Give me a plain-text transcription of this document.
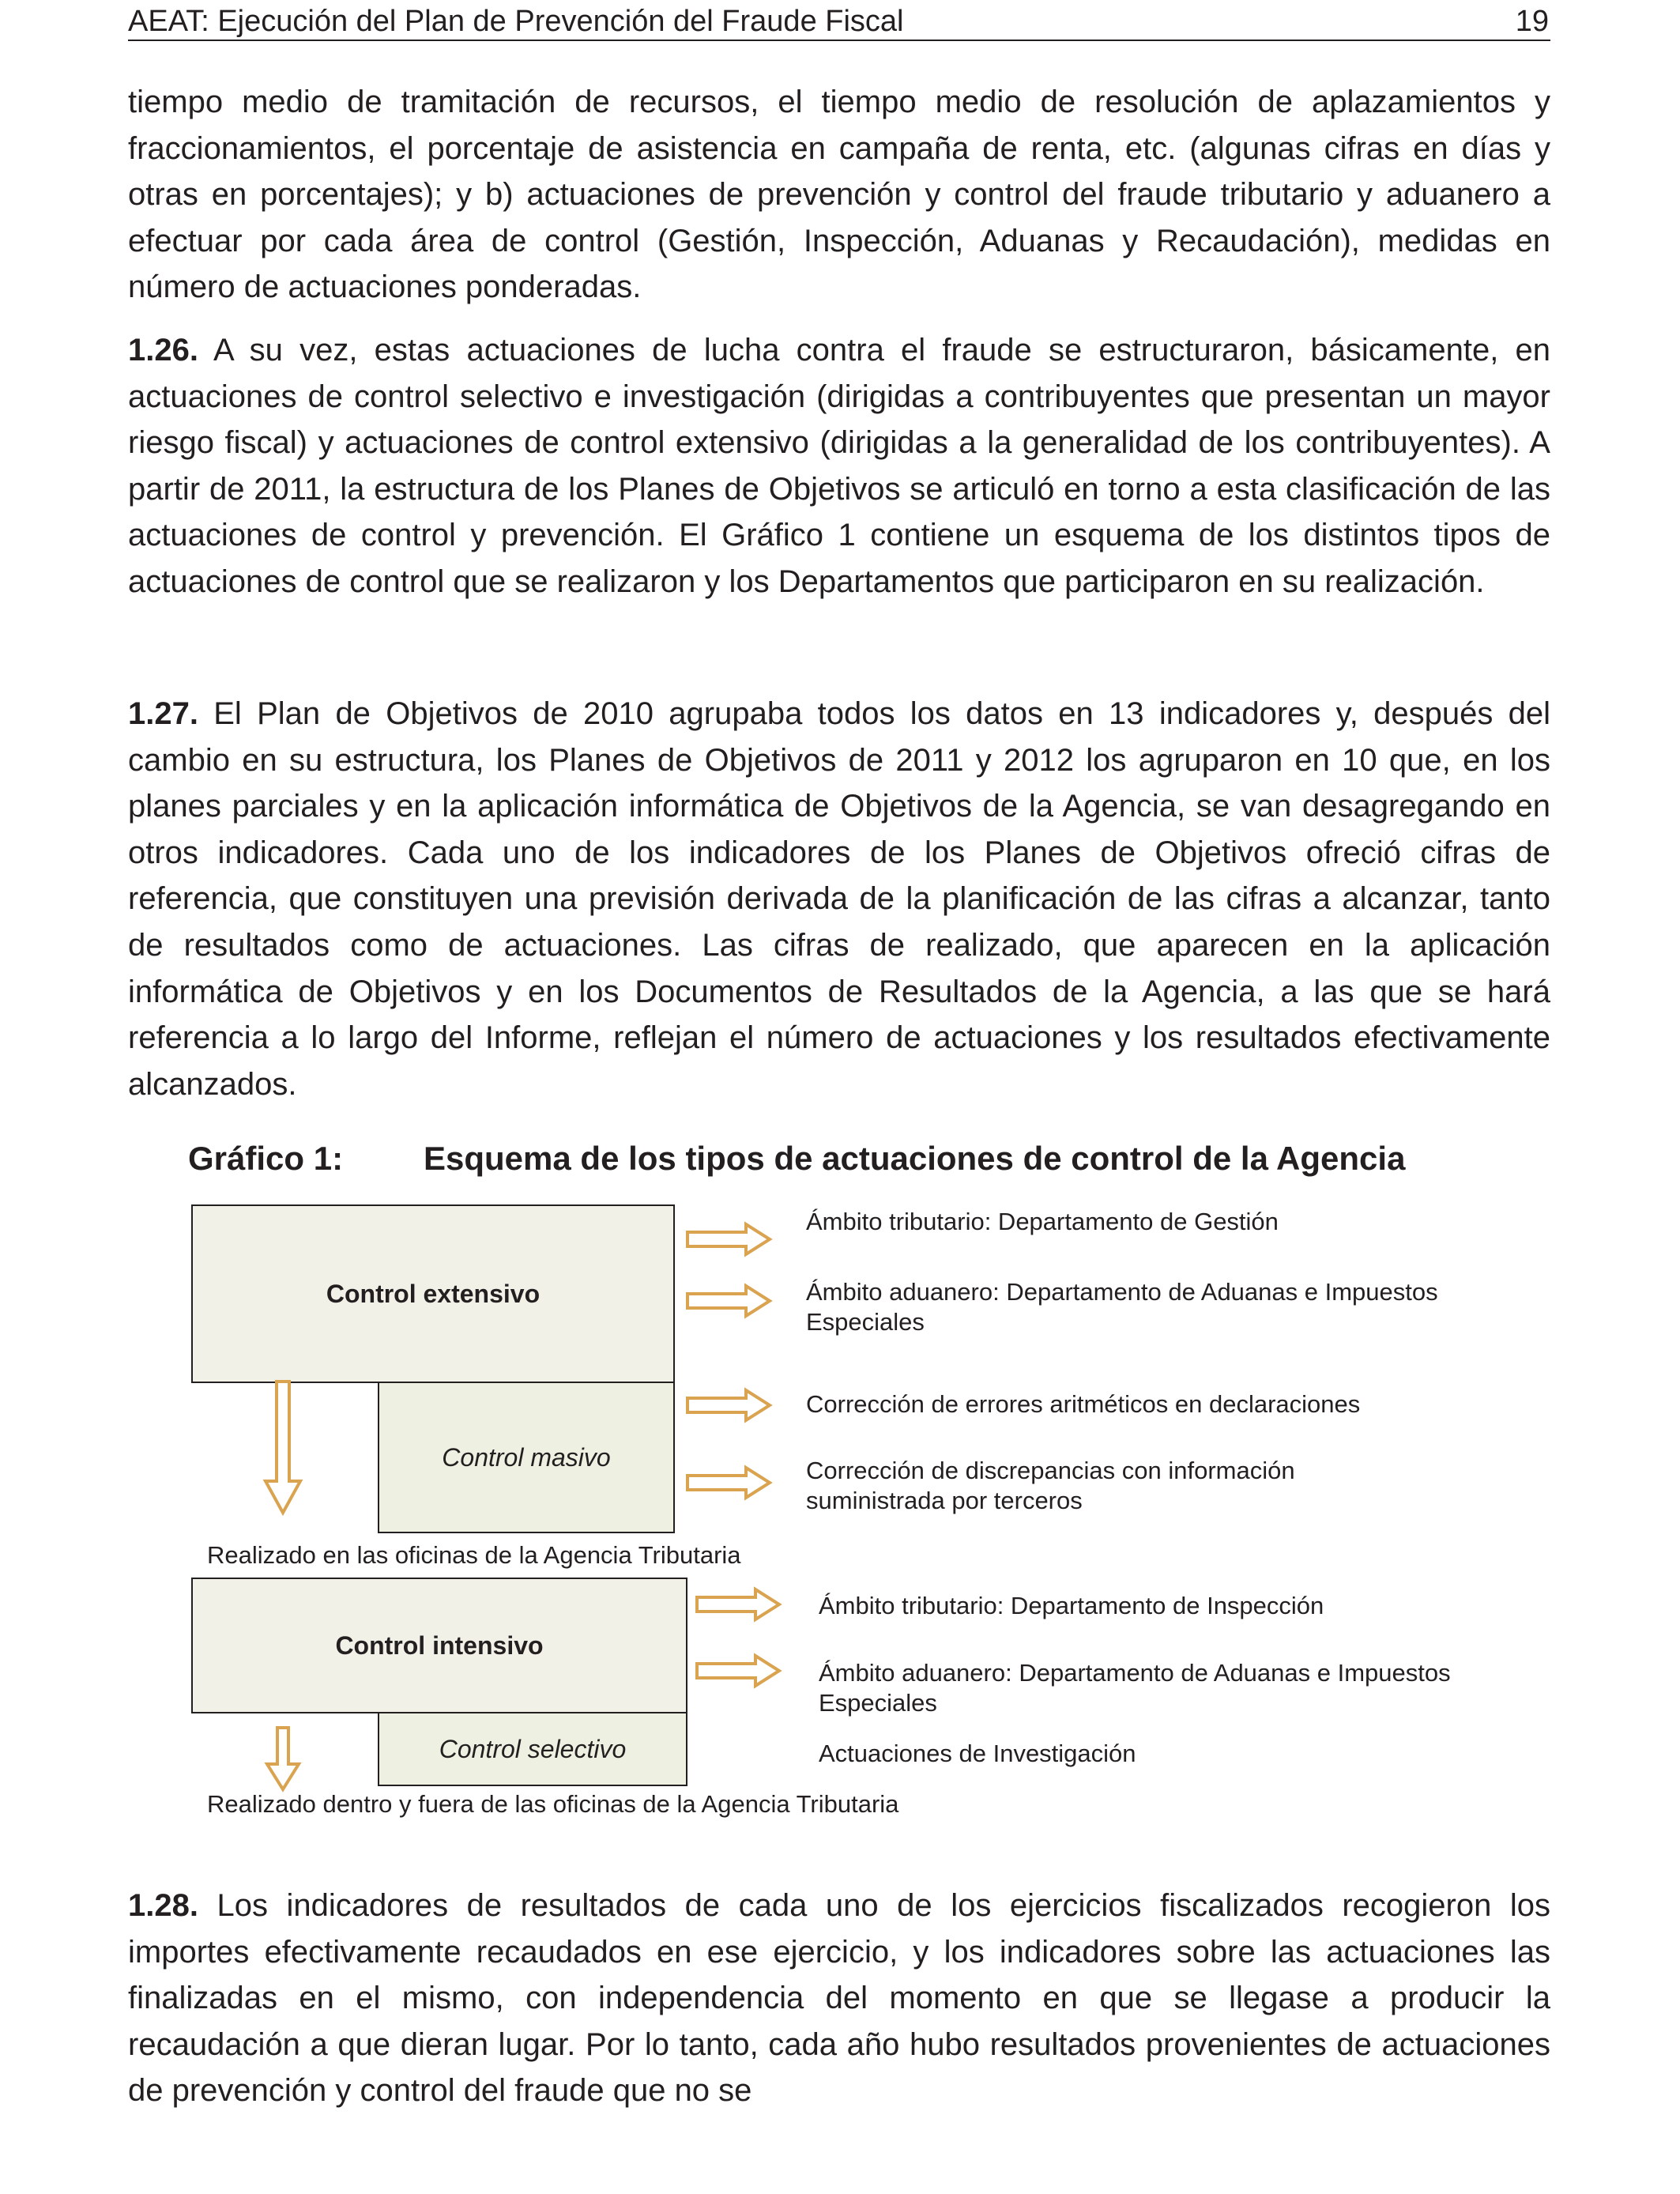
AEAT: Ejecución del Plan de Prevención del Fraude Fiscal	19

tiempo medio de tramitación de recursos, el tiempo medio de resolución de aplazamientos y fraccionamientos, el porcentaje de asistencia en campaña de renta, etc. (algunas cifras en días y otras en porcentajes); y b) actuaciones de prevención y control del fraude tributario y aduanero a efectuar por cada área de control (Gestión, Inspección, Aduanas y Recaudación), medidas en número de actuaciones ponderadas.

1.26. A su vez, estas actuaciones de lucha contra el fraude se estructuraron, básicamente, en actuaciones de control selectivo e investigación (dirigidas a contribuyentes que presentan un mayor riesgo fiscal) y actuaciones de control extensivo (dirigidas a la generalidad de los contribuyentes). A partir de 2011, la estructura de los Planes de Objetivos se articuló en torno a esta clasificación de las actuaciones de control y prevención. El Gráfico 1 contiene un esquema de los distintos tipos de actuaciones de control que se realizaron y los Departamentos que participaron en su realización.

1.27. El Plan de Objetivos de 2010 agrupaba todos los datos en 13 indicadores y, después del cambio en su estructura, los Planes de Objetivos de 2011 y 2012 los agruparon en 10 que, en los planes parciales y en la aplicación informática de Objetivos de la Agencia, se van desagregando en otros indicadores. Cada uno de los indicadores de los Planes de Objetivos ofreció cifras de referencia, que constituyen una previsión derivada de la planificación de las cifras a alcanzar, tanto de resultados como de actuaciones. Las cifras de realizado, que aparecen en la aplicación informática de Objetivos y en los Documentos de Resultados de la Agencia, a las que se hará referencia a lo largo del Informe, reflejan el número de actuaciones y los resultados efectivamente alcanzados.

Gráfico 1: Esquema de los tipos de actuaciones de control de la Agencia
Control extensivo
Control masivo
Realizado en las oficinas de la Agencia Tributaria
Control intensivo
Control selectivo
Realizado dentro y fuera de las oficinas de la Agencia Tributaria
Ámbito tributario: Departamento de Gestión
Ámbito aduanero: Departamento de Aduanas e Impuestos Especiales
Corrección de errores aritméticos en declaraciones
Corrección de discrepancias con información suministrada por terceros
Ámbito tributario: Departamento de Inspección
Ámbito aduanero: Departamento de Aduanas e Impuestos Especiales
Actuaciones de Investigación

1.28. Los indicadores de resultados de cada uno de los ejercicios fiscalizados recogieron los importes efectivamente recaudados en ese ejercicio, y los indicadores sobre las actuaciones las finalizadas en el mismo, con independencia del momento en que se llegase a producir la recaudación a que dieran lugar. Por lo tanto, cada año hubo resultados provenientes de actuaciones de prevención y control del fraude que no se
